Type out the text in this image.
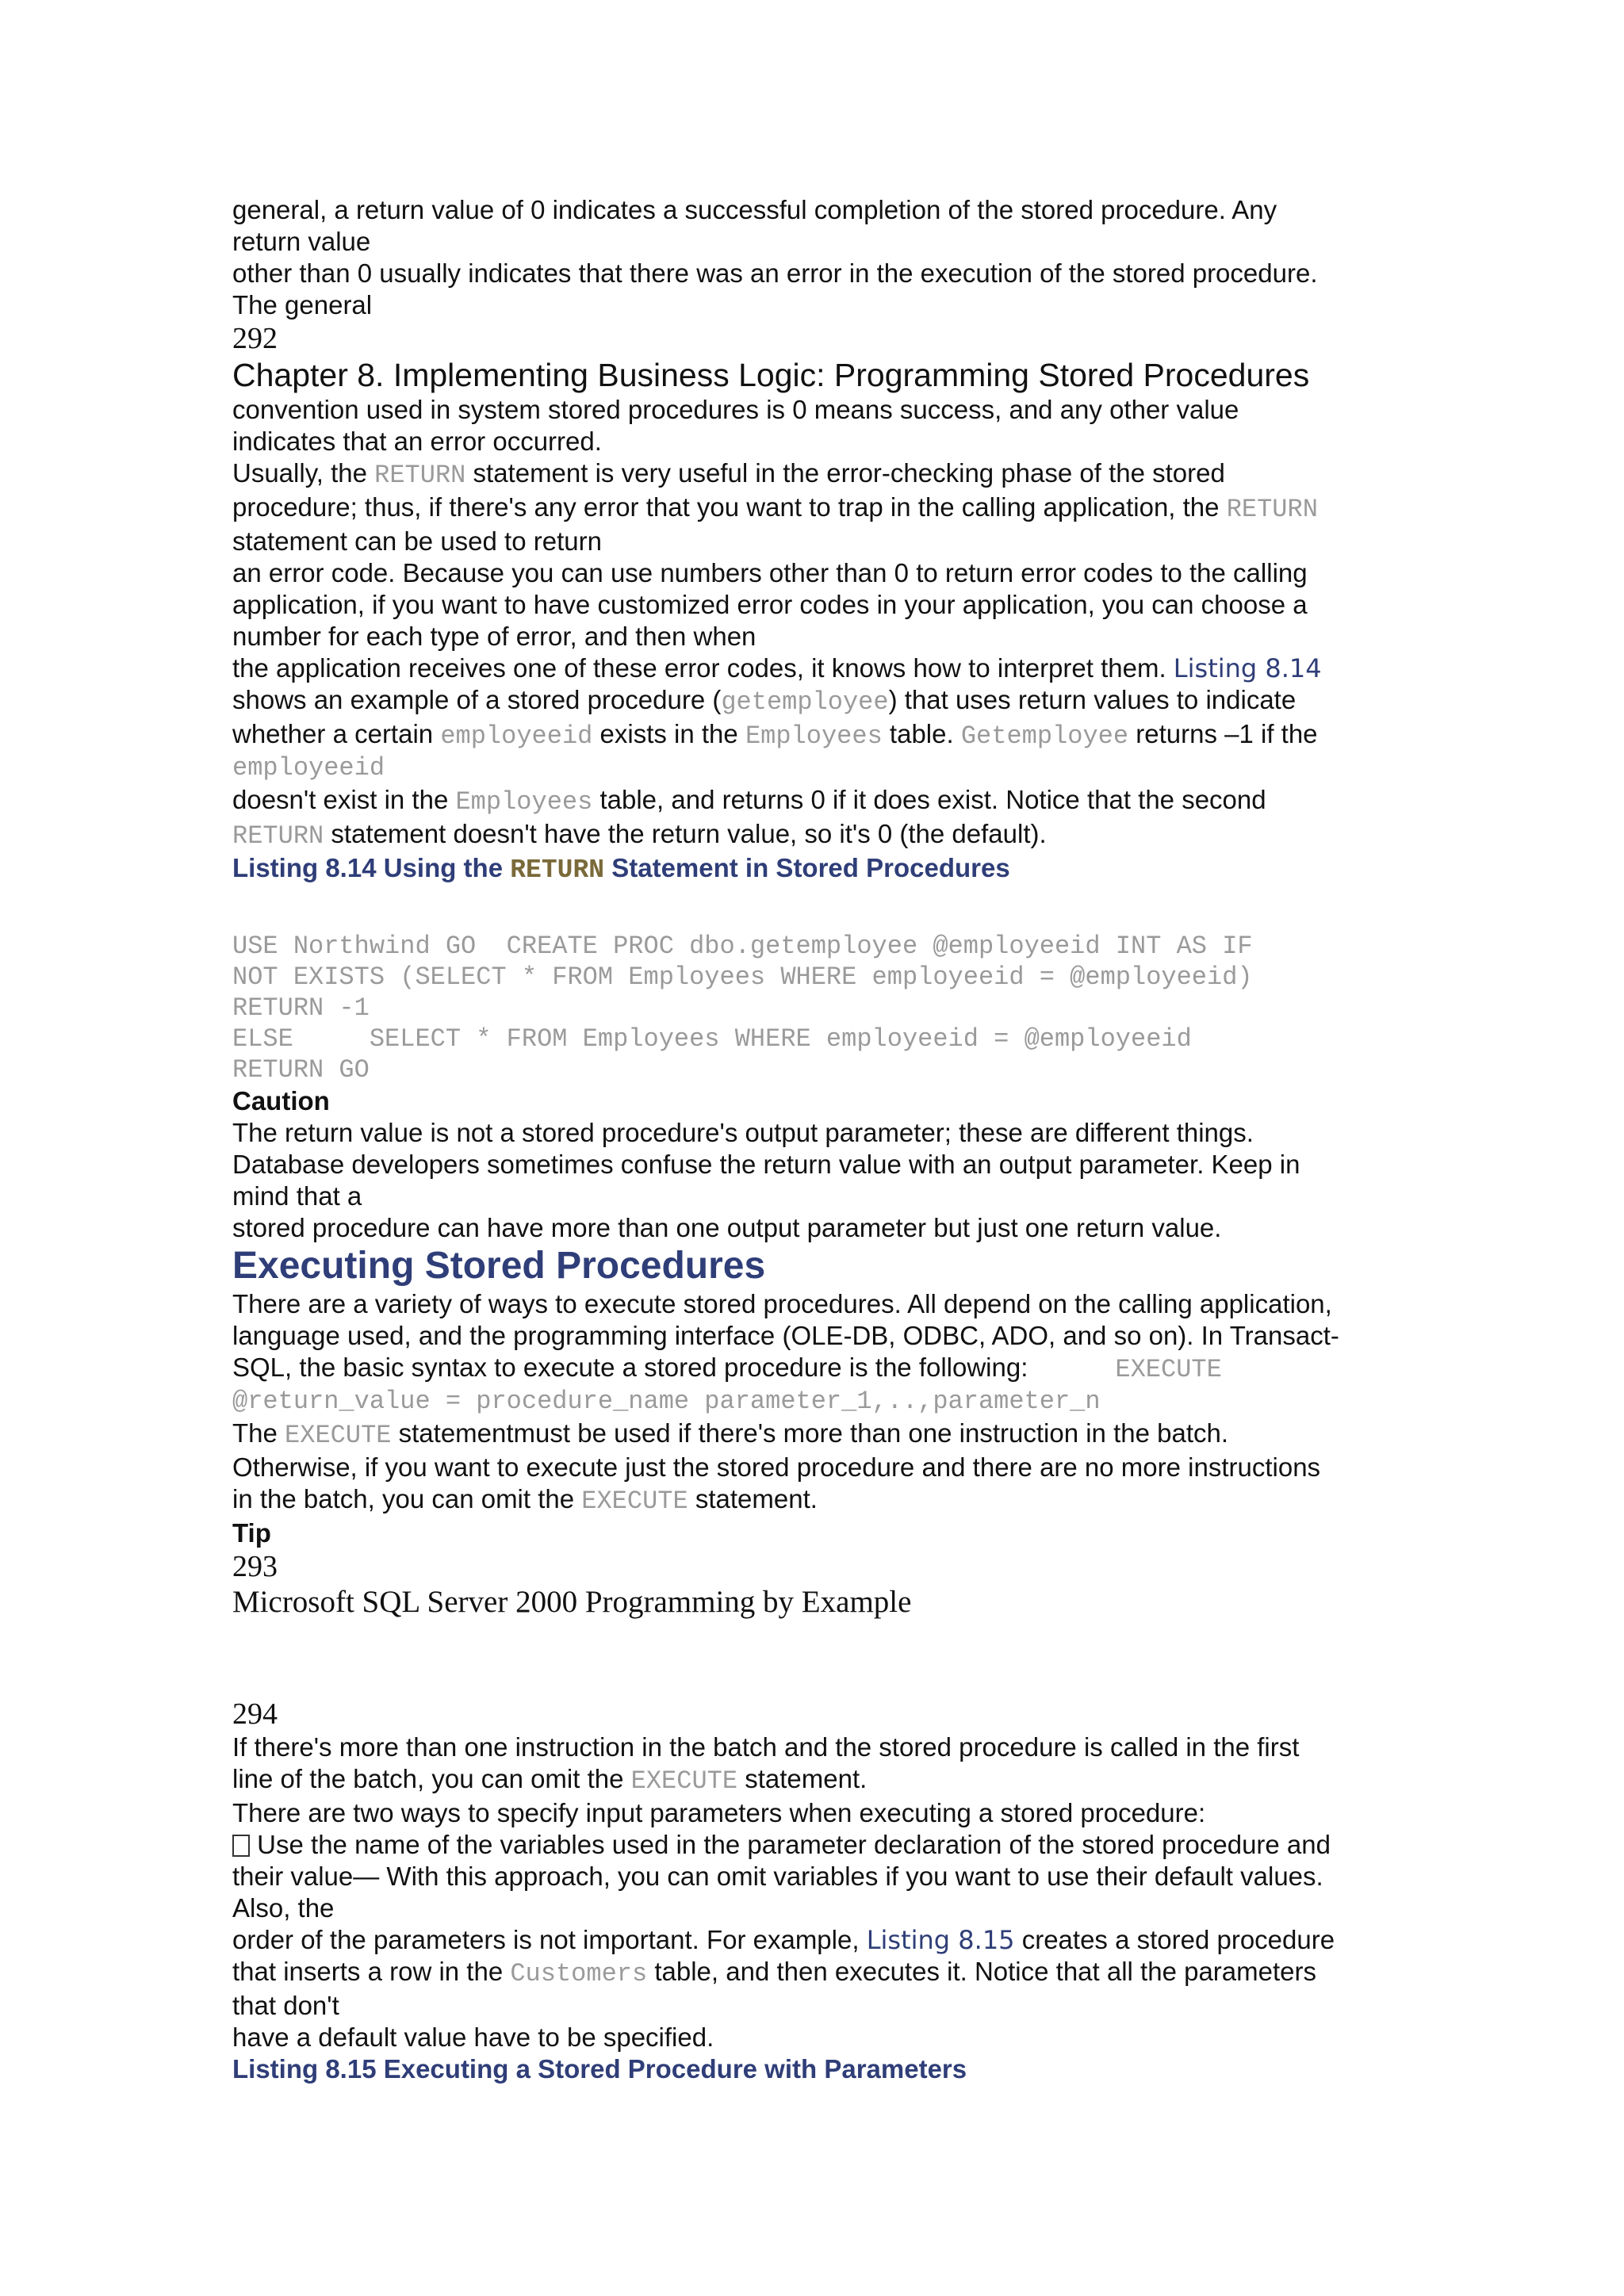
general, a return value of 0 indicates a successful completion of the stored procedure. Any
return value
other than 0 usually indicates that there was an error in the execution of the stored procedure.
The general
292
Chapter 8. Implementing Business Logic: Programming Stored Procedures
convention used in system stored procedures is 0 means success, and any other value
indicates that an error occurred.
Usually, the RETURN statement is very useful in the error-checking phase of the stored
procedure; thus, if there's any error that you want to trap in the calling application, the RETURN
statement can be used to return
an error code. Because you can use numbers other than 0 to return error codes to the calling
application, if you want to have customized error codes in your application, you can choose a
number for each type of error, and then when
the application receives one of these error codes, it knows how to interpret them. Listing 8.14
shows an example of a stored procedure (getemployee) that uses return values to indicate
whether a certain employeeid exists in the Employees table. Getemployee returns –1 if the
employeeid
doesn't exist in the Employees table, and returns 0 if it does exist. Notice that the second
RETURN statement doesn't have the return value, so it's 0 (the default).
Listing 8.14 Using the RETURN Statement in Stored Procedures
USE Northwind GO  CREATE PROC dbo.getemployee @employeeid INT AS IF
NOT EXISTS (SELECT * FROM Employees WHERE employeeid = @employeeid)
RETURN -1
ELSE     SELECT * FROM Employees WHERE employeeid = @employeeid
RETURN GO
Caution
The return value is not a stored procedure's output parameter; these are different things.
Database developers sometimes confuse the return value with an output parameter. Keep in
mind that a
stored procedure can have more than one output parameter but just one return value.
Executing Stored Procedures
There are a variety of ways to execute stored procedures. All depend on the calling application,
language used, and the programming interface (OLE-DB, ODBC, ADO, and so on). In Transact-
SQL, the basic syntax to execute a stored procedure is the following:	EXECUTE
@return_value = procedure_name parameter_1,..,parameter_n
The EXECUTE statementmust be used if there's more than one instruction in the batch.
Otherwise, if you want to execute just the stored procedure and there are no more instructions
in the batch, you can omit the EXECUTE statement.
Tip
293
Microsoft SQL Server 2000 Programming by Example
294
If there's more than one instruction in the batch and the stored procedure is called in the first
line of the batch, you can omit the EXECUTE statement.
There are two ways to specify input parameters when executing a stored procedure:
Use the name of the variables used in the parameter declaration of the stored procedure and
their value— With this approach, you can omit variables if you want to use their default values.
Also, the
order of the parameters is not important. For example, Listing 8.15 creates a stored procedure
that inserts a row in the Customers table, and then executes it. Notice that all the parameters
that don't
have a default value have to be specified.
Listing 8.15 Executing a Stored Procedure with Parameters
